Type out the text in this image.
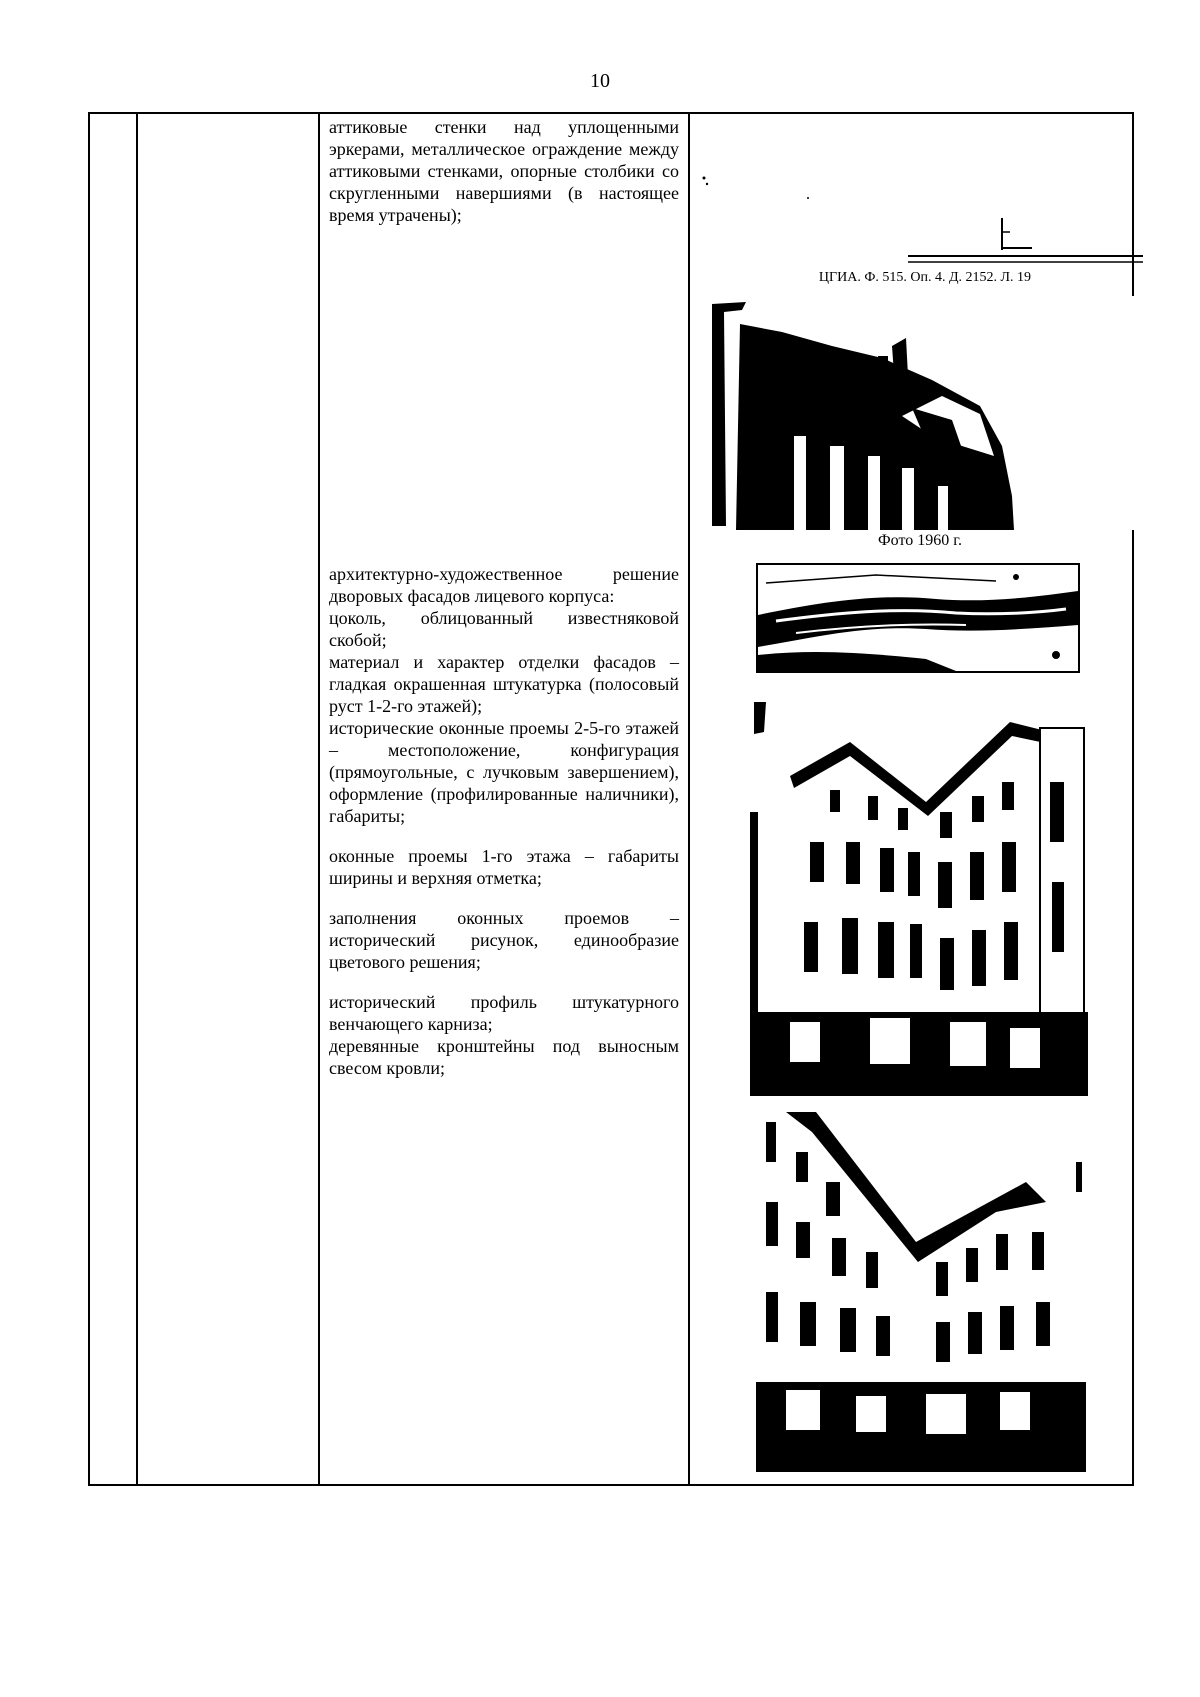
10

аттиковые стенки над уплощенными эркерами, металлическое ограждение между аттиковыми стенками, опорные столбики со скругленными навершиями (в настоящее время утрачены);

архитектурно-художественное решение дворовых фасадов лицевого корпуса:

цоколь, облицованный известняковой скобой;

материал и характер отделки фасадов – гладкая окрашенная штукатурка (полосовый руст 1-2-го этажей);

исторические оконные проемы 2-5-го этажей – местоположение, конфигурация (прямоугольные, с лучковым завершением), оформление (профилированные наличники), габариты;

оконные проемы 1-го этажа – габариты ширины и верхняя отметка;

заполнения оконных проемов – исторический рисунок, единообразие цветового решения;

исторический профиль штукатурного венчающего карниза;

деревянные кронштейны под выносным свесом кровли;

ЦГИА. Ф. 515. Оп. 4. Д. 2152. Л. 19
Фото 1960 г.
